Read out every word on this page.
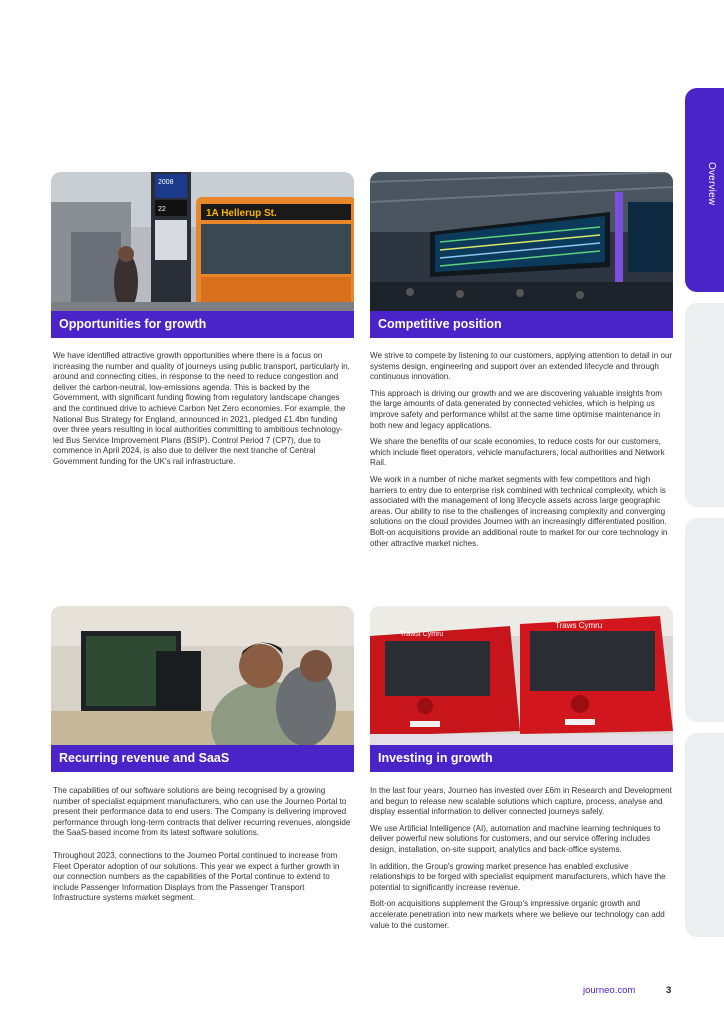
Overview
2008
22	1A Hellerup St.
Opportunities for growth

We have identified attractive growth opportunities where there is a focus on increasing the number and quality of journeys using public transport, particularly in, around and connecting cities, in response to the need to reduce congestion and deliver the carbon-neutral, low-emissions agenda. This is backed by the Government, with significant funding flowing from regulatory landscape changes and the continued drive to achieve Carbon Net Zero economies. For example, the National Bus Strategy for England, announced in 2021, pledged £1.4bn funding over three years resulting in local authorities committing to ambitious technology-led Bus Service Improvement Plans (BSIP). Control Period 7 (CP7), due to commence in April 2024, is also due to deliver the next tranche of Central Government funding for the UK's rail infrastructure.

Competitive position

We strive to compete by listening to our customers, applying attention to detail in our systems design, engineering and support over an extended lifecycle and through continuous innovation.

This approach is driving our growth and we are discovering valuable insights from the large amounts of data generated by connected vehicles, which is helping us improve safety and performance whilst at the same time optimise maintenance in both new and legacy applications.

We share the benefits of our scale economies, to reduce costs for our customers, which include fleet operators, vehicle manufacturers, local authorities and Network Rail.

We work in a number of niche market segments with few competitors and high barriers to entry due to enterprise risk combined with technical complexity, which is associated with the management of long lifecycle assets across large geographic areas. Our ability to rise to the challenges of increasing complexity and converging solutions on the cloud provides Journeo with an increasingly differentiated position. Bolt-on acquisitions provide an additional route to market for our core technology in other attractive market niches.

Recurring revenue and SaaS

The capabilities of our software solutions are being recognised by a growing number of specialist equipment manufacturers, who can use the Journeo Portal to present their performance data to end users. The Company is delivering improved performance through long-term contracts that deliver recurring revenues, alongside the SaaS-based income from its latest software solutions.

Throughout 2023, connections to the Journeo Portal continued to increase from Fleet Operator adoption of our solutions. This year we expect a further growth in our connection numbers as the capabilities of the Portal continue to extend to include Passenger Information Displays from the Passenger Transport Infrastructure systems market segment.

Trawst Cymru
Traws Cymru
Investing in growth

In the last four years, Journeo has invested over £6m in Research and Development and begun to release new scalable solutions which capture, process, analyse and display essential information to deliver connected journeys safely.

We use Artificial Intelligence (AI), automation and machine learning techniques to deliver powerful new solutions for customers, and our service offering includes design, installation, on-site support, analytics and back-office systems.

In addition, the Group's growing market presence has enabled exclusive relationships to be forged with specialist equipment manufacturers, which have the potential to significantly increase revenue.

Bolt-on acquisitions supplement the Group's impressive organic growth and accelerate penetration into new markets where we believe our technology can add value to the customer.

journeo.com	3
